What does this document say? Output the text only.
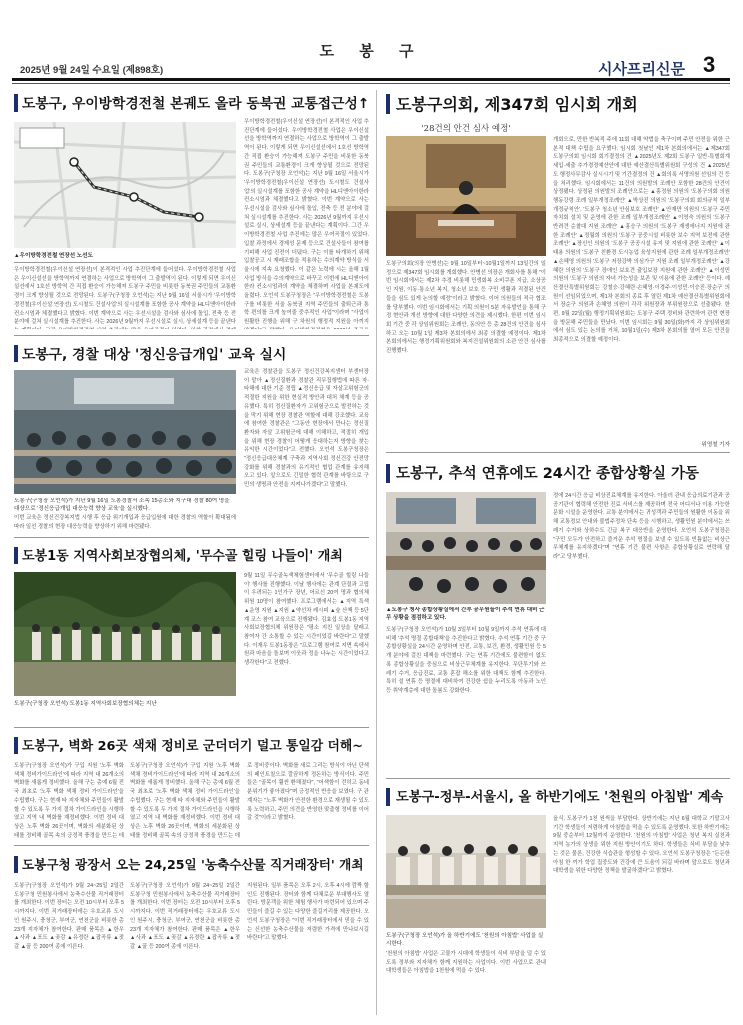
도 봉 구
2025년 9월 24일 수요일 (제898호)	시사프리신문 3
도봉구, 우이방학경전철 본궤도 올라 동북권 교통접근성↑
▲우이방학경전철 연장선 노선도
우이방학경전철(우이신설 연장선)이 본격적인 사업 추진단계에 들어섰다. 우이방학경전철 사업은 우이신설선을 방학역까지 연결하는 사업으로 방학역이 그 출발역이 된다. 이렇게 되면 우이신설선에서 1호선 방학역 간 직접 환승이 가능해져 도봉구 주민을 비롯한 동북권 주민들의 교통환경이 크게 향상될 것으로 전망된다. 도봉구(구청장 오언석)는 지난 9월 16일 서울시가 '우이방학경전철(우이신설 연장선) 도시철도 건설사업'의 실시설계를 포함한 공사 계약을 HL디앤아이한라 컨소시엄과 체결했다고 밝혔다. 이번 계약으로 사는 우선시설을 검사와 심사에 돌입, 전축 등 전 분야에 걸쳐 실시설계를 추진한다. 사는 2026년 9월까지 우선시설로 실시, 상세설계 등을 끝낸다
우이방학경전철(우이신설 연장선)이 본격적인 사업 추진단계에 들어섰다. 우이방학경전철 사업은 우이신설선을 방학역까지 연결하는 사업으로 방학역이 그 출발역이 된다. 이렇게 되면 우이신설선에서 1호선 방학역 간 직접 환승이 가능해져 도봉구 주민을 비롯한 동북권 주민들의 교통환경이 크게 향상될 것으로 전망된다. 도봉구(구청장 오언석)는 지난 9월 16일 서울시가 '우이방학경전철(우이신설 연장선) 도시철도 건설사업'의 실시설계를 포함한 공사 계약을 HL디앤아이한라 컨소시엄과 체결했다고 밝혔다. 이번 계약으로 사는 우선시설을 검사와 심사에 돌입, 전축 등 전 분야에 걸쳐 실시설계를 추진한다. 사는 2026년 9월까지 우선시설로 실시, 상세설계 등을 끝낸다는 계획이다. 그간 우이방학경전철 사업 추진에는 많은 우여곡절이 있었다. 입찰 과정에서 경제성 문제 등으로 건설사들이 참여를 기피해 사업 진전이 더뎠다. 구는 이를 타개하기 위해 입찰공고 시 재래조합을 적용하는 수의계약 방식을 서울시에 지속 요청했다. 이 같은 노력에 시는 올해 1월 사업 방식을 수의계약으로 바꾸고 이번에 HL디앤아이한라 컨소시엄과의 계약을 체결하며 사업을 본궤도에 올렸다. 오언석 도봉구청장은 "우이방학경전철은 도봉구를 비롯한 서울 동북권 지역 주민들의 출퇴근과 통학 편의를 크게 높여줄 중추적인 사업"이라며 "사업이 원활한 진행을 위해 구 차원의 행정적 지원을 아끼지
도봉구, 경찰 대상 '정신응급개입' 교육 실시
도봉구(구청장 오언석)가 지난 9월 16일 도봉경찰서 소속 15총소와 지구대 경찰 80여 명을 대상으로 '정신응급개입 대응능력 향상 교육'을 실시했다.
이번 교육은 정신건강복지법 시행 후 응급 위기개입과 응급입원에 대한 경찰의 역할이 확대됨에 따라 일선 경찰의 현장 대응능력을 향상하기 위해 마련됐다.
교육은 경찰관을 도봉구 정신건강복지센터 부센터장이 맡아 ▲정신질환과 경찰관 직무집행법에 따른 자·타해에 대한 기준 정립 ▲정신응급 및 자살고위험군의 적절한 지원을 위한 현실적 방안과 대처 체계 등을 공유했다. 특히 정신질환자가 고위험군으로 발전하는 것을 막기 위해 현장 경찰관 역할에 대해 강조했다. 교육에 참여한 경찰관은 "그동안 현장에서 만나는 정신질환자와 자살 고위험군에 대해 이해하고, 적절히 개입을 위해 현장 경찰이 어떻게 응대하는지 방향을 찾는 유익한 시간이었다"고 전했다. 오언석 도봉구청장은 "정신응급대응체계 구축과 지역사회 정신건강 안전망 강화를 위해 경찰과의 유기적인 협업 관계를 유지해 오고 있다. 앞으로도 긴밀한 협력 관계를 바탕으로 구민의 생명과 안전을 지켜나가겠다"고 말했다.
도봉1동 지역사회보장협의체, '무수골 힐링 나들이' 개최
도봉구(구청장 오언석) 도봉1동 지역사회보장협의체는 지난
9월 11일 무수골녹색체험센터에서 '무수골 힐링 나들이' 행사를 진행했다. 이날 행사에는 관계 단절과 고립이 우려되는 1인가구 장년, 어르신 20여 명과 협의체 위원 10명이 참여했다. 프로그램에서는 ▲지역 특색 ▲운영 지원 ▲지원 ▲약선차 레시피 ▲숲 산책 등 5단계 코스 참여 교육으로 진행됐다. 김효섭 도봉1동 지역사회보장협의체 위원장은 "평소 지친 일상을 달래고 참여자 간 소통할 수 있는 시간이었길 바란다"고 말했다. 이재우 도봉1동장은 "프로그램 참여로 지면 속에서 원과 마음을 돌보며 이웃과 정을 나누는 시간이었다고 생각한다"고 전했다.
도봉구, 벽화 26곳 색채 정비로 군더더기 덜고 통일감 더해~
도봉구(구청장 오언석)가 구입 지원 '노후 벽화 색채 정비가이드라인'에 따라 지역 내 26개소의 벽화를 새롭게 정비했다. 올해 구는 총예 6월 전국 최초로 '노후 벽화 색채 정비 가이드라인'을 수립했다. 구는 현재 타 지자체와 주민들이 활발할 수 있도록 두 가지 절차 가이드라인을 시행하였고 지역 내 벽화를 재정비했다. 이번 정비 대상은 노후 벽화 26곳이며, 벽화의 세분화된 상태를 정비해 골목 속의 긍정적 풍경을 만드는 데
도봉구(구청장 오언석)가 구입 지원 '노후 벽화 색채 정비가이드라인'에 따라 지역 내 26개소의 벽화를 새롭게 정비했다. 올해 구는 총예 6월 전국 최초로 '노후 벽화 색채 정비 가이드라인'을 수립했다. 구는 현재 타 지자체와 주민들이 활발할 수 있도록 두 가지 절차 가이드라인을 시행하였고 지역 내 벽화를 재정비했다. 이번 정비 대상은 노후 벽화 26곳이며, 벽화의 세분화된 상태를 정비해 골목 속의 긍정적 풍경을 만드는 데
로 정비중이다. 벽화를 새로 그리는 방식이 아닌 단색의 페인트칠으로 깔끔하게 정돈하는 방식이다. 주민들은 "골목이 훨씬 환해졌다", "어색함이 걷히고 동네 분위기가 좋아졌다"며 긍정적인 반응을 보였다. 구 관계자는 "노후 벽화가 안전한 환경으로 재생될 수 있도록 노력하고, 주민 의견을 반영한 맞춤형 정비를 이어갈 것"이라고 밝혔다.
도봉구청 광장서 오는 24,25일 '농축수산물 직거래장터' 개최
도봉구(구청장 오언석)가 9월 24~25일 2일간 도봉구청 민원봉사에서 농축수산물 직거래장터를 개최한다. 이번 장터는 오전 10시부터 오후 5시까지다. 이번 직거래장터에는 우호교류 도시인 원주시, 충청군, 부여군, 연천군을 비롯한 총 23개 지자체가 참여한다. 판매 품목은 ▲한우 ▲사과 ▲포도 ▲곶감 ▲유정란 ▲잡곡류 ▲젓갈 ▲꿀 등 200여 종에 이른다.
도봉구(구청장 오언석)가 9월 24~25일 2일간 도봉구청 민원봉사에서 농축수산물 직거래장터를 개최한다. 이번 장터는 오전 10시부터 오후 5시까지다. 이번 직거래장터에는 우호교류 도시인 원주시, 충청군, 부여군, 연천군을 비롯한 총 23개 지자체가 참여한다. 판매 품목은 ▲한우 ▲사과 ▲포도 ▲곶감 ▲유정란 ▲잡곡류 ▲젓갈 ▲꿀 등 200여 종에 이른다.
지원된다. 일부 품목은 오후 2시, 오후 4시에 깜짝 할인도 진행된다. 장터와 함께 다채로운 부대행사도 열린다. 방문객을 위한 체험 행사가 마련되어 있으며 주민들이 즐길 수 있는 다양한 즐길거리를 제공한다. 오언석 도봉구청장은 "이번 직거래장터에서 믿을 수 있는 신선한 농축수산물을 저렴한 가격에 만나보시길 바란다"고 말했다.
도봉구의회, 제347회 임시회 개회
'28건의 안건 심사 예정'
도봉구의회(의장 안병선)는 9월 10일부터~10월1일까지 13일간의 일정으로 제347회 임시회를 개회했다. 안병선 의장은 개회사를 통해 "이번 임시회에서는 제2차 추경 비롯해 민생회복 소비쿠폰 지급, 소상공인 지원, 이동·통소년 복지, 청소년 보호 등 구민 생활과 직결된 안건들을 심도 있게 논의할 예정"이라고 밝혔다. 이어 의원들의 적극 협조를 당부했다. 이번 임시회에서는 기획 의원이 5분 자유발언을 통해 구정 현안과 개선 방향에 대한 다양한 의견을 제시했다. 한편 이번 임시회 기간 중 각 상임위원회는 조례안, 동의안 등 총 28건의 안건을 심사하고 오는 10월 1일 제3차 본회의에서 최종 의결할 예정이다. 제1차 본회의에서는 행정기획위원회와 복지건설위원회의 소관 안건 심사를 진행했다.
개회으로, 만한 반복적 주에 11회 대해 약법을 축구이며 주민 안전을 위한 근본적 대책 수립을 요구했다. 임시회 첫날인 제1차 본회의에서는 ▲제347회 도봉구의회 임시회 회기결정의 건 ▲2025년도 제2회 도봉구 일반·특별회계 세입·세출 추가경정예산안에 대한 예산결산특별위원회 구성의 건 ▲2025년도 행정사무감사 실시시기 및 기간결정의 건 ▲회의록 서명의원 선임의 건 등을 처리했다. 임시회에서는 11건의 의원발의 조례안 포함한 28건의 안건이 상정됐다. 상정된 의원발의 조례안으로는 ▲홍정원 의원의 '도봉구의회 의원 행동강령 조례 일부개정조례안' ▲박상진 의원의 '도봉구의회 회의규칙 일부개정규칙안', '도봉구 청소년 안심보호 조례안' ▲안재만 의원의 '도봉구 주민자치회 설치 및 운영에 관한 조례 일부개정조례안' ▲이영숙 의원의 '도봉구 반려견 순찰대 지원 조례안' ▲홍승구 의원의 '도봉구 재생에너지 지원에 관한 조례안' ▲정월희 의원의 '도봉구 공중시설 비롯한 보수 지역 보전에 관한 조례안' ▲장신인 의원의 '도봉구 공공시설 유지 및 지원에 관한 조례안' ▲이태용 의원의 '도봉구 친환경 도시농업 육성지원에 관한 조례 일부개정조례안' ▲손혜영 의원의 '도봉구 저장강박 의심가구 지원 조례 일부개정조례안' ▲강혜란 의원의 '도봉구 장애인 보호견 출입보장 지원에 관한 조례안' ▲이성민 의원의 '도봉구 의원의 자녀 가능성을 보존 및 이용에 관한 조례안' 등이다. 예산결산특별위원회는 강철승·강혜란·손혜영·이경주·이성민·이승진·장순구 의원이 선임되었으며, 제1차 본회의 종료 후 열린 제1차 예산결산특별위원회에서 장순구 의원과 손혜영 의원이 각각 위원장과 부위원장으로 선출됐다. 한편, 9월 22일(월) 행정기획위원회는 도봉구 주택 정비와 관련하여 관련 현장을 방문해 주민들을 만났다. 이번 임시회는 9월 30일(화)까지 각 상임위원회에서 심도 있는 논의를 거쳐, 10월1일(수) 제3차 본회의를 열어 모든 안건을 최종적으로 의결할 예정이다.
위영철 기자
도봉구, 추석 연휴에도 24시간 종합상황실 가동
▲도봉구 청사 종합상황실에서 간부 공무원들이 추석 연휴 대비 근무 상황을 점검하고 있다.
도봉구(구청장 오언석)가 10월 3일부터 10월 9일까지 추석 연휴에 대비해 '추석 명절 종합대책'을 추진한다고 밝혔다. 추석 연휴 기간 중 구 종합상황실을 24시간 운영하며 안전, 교통, 보건, 환경, 생활민원 등 5개 분야에 걸친 대책을 마련했다. 구는 연휴 기간에도 불편함이 없도록 종합상황실을 중심으로 비상근무체계를 유지한다. 무단투기와 쓰레기 수거, 응급진료, 교통 혼잡 해소를 위한 대책도 함께 추진한다. 특히 설 연휴 등 명절에 대비하여 건강한 쉼을 누리도록 아동과 노인 등 취약계층에 대한 돌봄도 강화한다.
정에 24시간 응급 비상진료체계를 유지한다. 아울러 관내 응급의료기관과 공공기관이 협력해 안전한 진료 서비스를 제공하며 전국 어디서나 이용 가능한 문화 시설을 운영한다. 교통 분야에서는 귀성객과 주민들의 원활한 이동을 위해 교통정보 안내와 불법주정차 단속 등을 시행하고, 생활민원 분야에서는 쓰레기 수거와 상하수도 긴급 복구 대응반을 운영한다. 오언석 도봉구청장은 "구민 모두가 안전하고 즐거운 추석 명절을 보낼 수 있도록 빈틈없는 비상근무체계를 유지하겠다"며 "연휴 기간 불편 사항은 종합상황실로 연락해 달라"고 당부했다.
도봉구-정부-서울시, 올 하반기에도 '천원의 아침밥' 계속
도봉구(구청장 오언석)가 올 하반기에도 '천원의 아침밥' 사업을 실시한다.
'천원의 아침밥' 사업은 고물가 시대에 학생들이 식비 부담을 덜 수 있도록 정부와 지자체가 함께 지원하는 사업이다. 이번 사업으로 관내 대학생들은 아침밥을 1천원에 먹을 수 있다.
올식, 도봉구가 1천 원씩을 부담한다. 상반기에는 지난 6월 대학교 기말고사 기간 학생들이 저렴하게 아침밥을 먹을 수 있도록 운영했다. 또한 하반기에는 9월 중순부터 12월까지 운영한다. '천원의 아침밥' 사업은 청년 복지 실천과 지역 농가의 상생을 위한 지원 방안이기도 하다. 학생들은 식비 부담을 낮추는 것은 물론, 건강한 식습관을 형성할 수 있다. 오언석 도봉구청장은 "든든한 아침 한 끼가 학업 집중도와 건강에 큰 도움이 되길 바라며 앞으로도 청년과 대학생을 위한 다양한 정책을 발굴하겠다"고 밝혔다.
